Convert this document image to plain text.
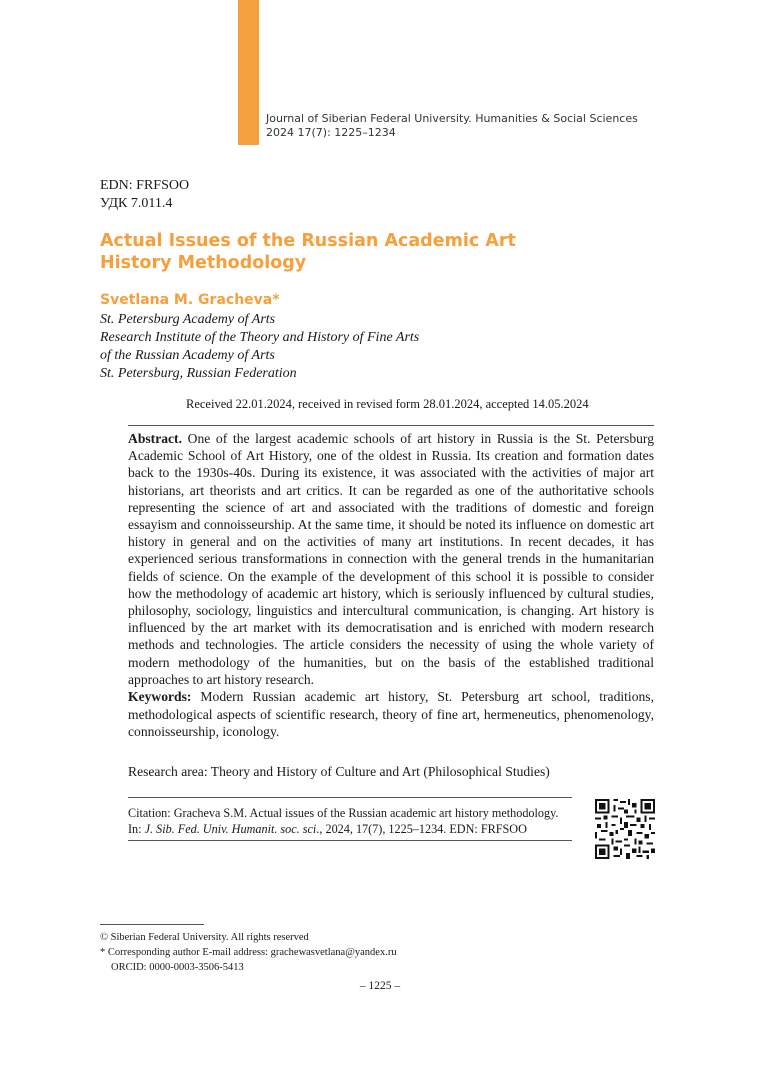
Journal of Siberian Federal University. Humanities & Social Sciences
2024 17(7): 1225–1234
EDN: FRFSOO
УДК 7.011.4
Actual Issues of the Russian Academic Art
History Methodology
Svetlana M. Gracheva*
St. Petersburg Academy of Arts
Research Institute of the Theory and History of Fine Arts
of the Russian Academy of Arts
St. Petersburg, Russian Federation
Received 22.01.2024, received in revised form 28.01.2024, accepted 14.05.2024
Abstract. One of the largest academic schools of art history in Russia is the St. Petersburg Academic School of Art History, one of the oldest in Russia. Its creation and formation dates back to the 1930s-40s. During its existence, it was associated with the activities of major art historians, art theorists and art critics. It can be regarded as one of the authoritative schools representing the science of art and associated with the traditions of domestic and foreign essayism and connoisseurship. At the same time, it should be noted its influence on domestic art history in general and on the activities of many art institutions. In recent decades, it has experienced serious transformations in connection with the general trends in the humanitarian fields of science. On the example of the development of this school it is possible to consider how the methodology of academic art history, which is seriously influenced by cultural studies, philosophy, sociology, linguistics and intercultural communication, is changing. Art history is influenced by the art market with its democratisation and is enriched with modern research methods and technologies. The article considers the necessity of using the whole variety of modern methodology of the humanities, but on the basis of the established traditional approaches to art history research.
Keywords: Modern Russian academic art history, St. Petersburg art school, traditions, methodological aspects of scientific research, theory of fine art, hermeneutics, phenomenology, connoisseurship, iconology.
Research area: Theory and History of Culture and Art (Philosophical Studies)
Citation: Gracheva S.M. Actual issues of the Russian academic art history methodology.
In: J. Sib. Fed. Univ. Humanit. soc. sci., 2024, 17(7), 1225–1234. EDN: FRFSOO
© Siberian Federal University. All rights reserved
* Corresponding author E-mail address: grachewasvetlana@yandex.ru
ORCID: 0000-0003-3506-5413
– 1225 –
